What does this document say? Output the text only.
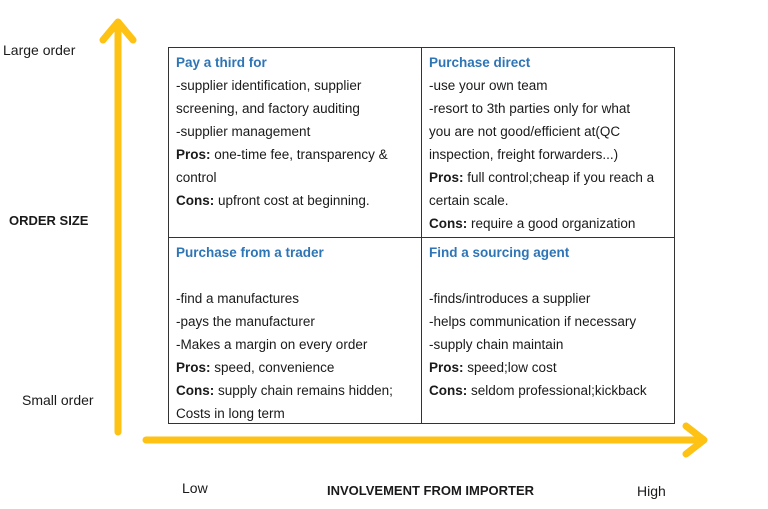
Large order
ORDER SIZE
Small order
Low	INVOLVEMENT FROM IMPORTER	High
Pay a third for
-supplier identification, supplier
screening, and factory auditing
-supplier management
Pros: one-time fee, transparency &
control
Cons: upfront cost at beginning.
Purchase direct
-use your own team
-resort to 3th parties only for what
you are not good/efficient at(QC
inspection, freight forwarders...)
Pros: full control;cheap if you reach a
certain scale.
Cons: require a good organization
Purchase from a trader
-find a manufactures
-pays the manufacturer
-Makes a margin on every order
Pros: speed, convenience
Cons: supply chain remains hidden;
Costs in long term
Find a sourcing agent
-finds/introduces a supplier
-helps communication if necessary
-supply chain maintain
Pros: speed;low cost
Cons: seldom professional;kickback
